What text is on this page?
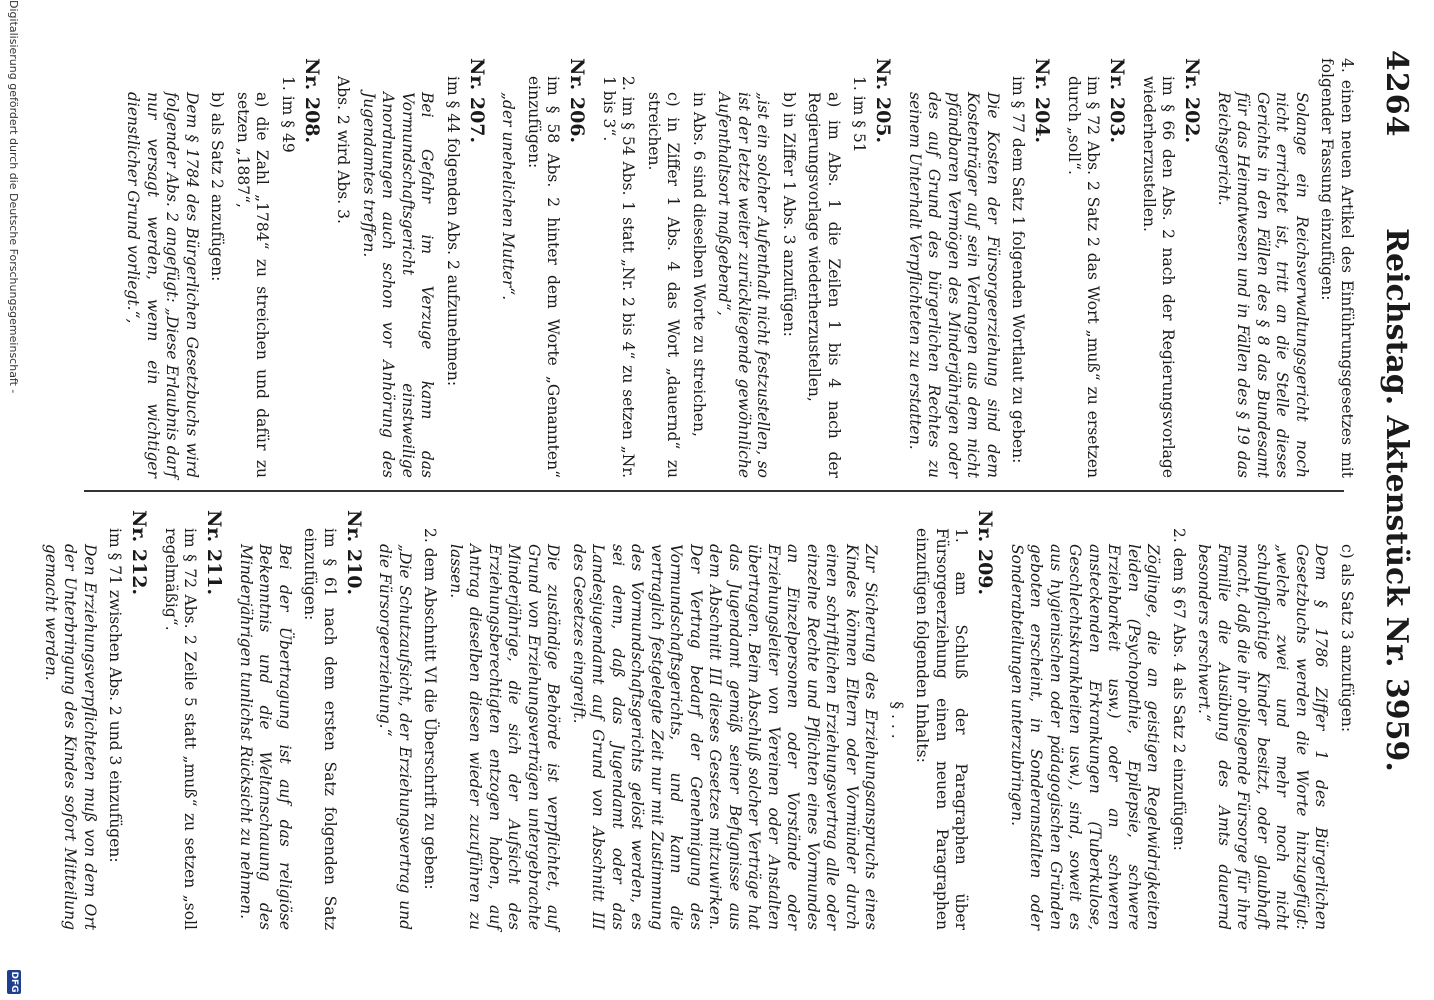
4264
Reichstag. Aktenstück Nr. 3959.

4. einen neuen Artikel des Einführungsgesetzes mit folgender Fassung einzufügen:

Solange ein Reichsverwaltungsgericht noch nicht errichtet ist, tritt an die Stelle dieses Gerichts in den Fällen des § 8 das Bundesamt für das Heimatwesen und in Fällen des § 19 das Reichsgericht.

Nr. 202.

im § 66 den Abs. 2 nach der Regierungsvorlage wiederherzustellen.

Nr. 203.

im § 72 Abs. 2 Satz 2 das Wort „muß“ zu ersetzen durch „soll“.

Nr. 204.

im § 77 dem Satz 1 folgenden Wortlaut zu geben:

Die Kosten der Fürsorgeerziehung sind dem Kostenträger auf sein Verlangen aus dem nicht pfändbaren Vermögen des Minderjährigen oder des auf Grund des bürgerlichen Rechtes zu seinem Unterhalt Verpflichteten zu erstatten.

Nr. 205.

1. im § 51

a) im Abs. 1 die Zeilen 1 bis 4 nach der Regierungsvorlage wiederherzustellen,

b) in Ziffer 1 Abs. 3 anzufügen:

„ist ein solcher Aufenthalt nicht festzustellen, so ist der letzte weiter zurückliegende gewöhnliche Aufenthaltsort maßgebend“,

in Abs. 6 sind dieselben Worte zu streichen,

c) in Ziffer 1 Abs. 4 das Wort „dauernd“ zu streichen.

2. im § 54 Abs. 1 statt „Nr. 2 bis 4“ zu setzen „Nr. 1 bis 3“.

Nr. 206.

im § 58 Abs. 2 hinter dem Worte „Genannten“ einzufügen:

„der unehelichen Mutter“.

Nr. 207.

im § 44 folgenden Abs. 2 aufzunehmen:

Bei Gefahr im Verzuge kann das Vormundschaftsgericht einstweilige Anordnungen auch schon vor Anhörung des Jugendamtes treffen.

Abs. 2 wird Abs. 3.

Nr. 208.

1. im § 49

a) die Zahl „1784“ zu streichen und dafür zu setzen „1887“,

b) als Satz 2 anzufügen:

Dem § 1784 des Bürgerlichen Gesetzbuchs wird folgender Abs. 2 angefügt: „Diese Erlaubnis darf nur versagt werden, wenn ein wichtiger dienstlicher Grund vorliegt.“,

c) als Satz 3 anzufügen:

Dem § 1786 Ziffer 1 des Bürgerlichen Gesetzbuchs werden die Worte hinzugefügt: „welche zwei und mehr noch nicht schulpflichtige Kinder besitzt, oder glaubhaft macht, daß die ihr obliegende Fürsorge für ihre Familie die Ausübung des Amts dauernd besonders erschwert.“

2. dem § 67 Abs. 4 als Satz 2 einzufügen:

Zöglinge, die an geistigen Regelwidrigkeiten leiden (Psychopathie, Epilepsie, schwere Erziehbarkeit usw.) oder an schweren ansteckenden Erkrankungen (Tuberkulose, Geschlechtskrankheiten usw.), sind, soweit es aus hygienischen oder pädagogischen Gründen geboten erscheint, in Sonderanstalten oder Sonderabteilungen unterzubringen.

Nr. 209.

1. am Schluß der Paragraphen über Fürsorgeerziehung einen neuen Paragraphen einzufügen folgenden Inhalts:

§ . . .

Zur Sicherung des Erziehungsanspruchs eines Kindes können Eltern oder Vormünder durch einen schriftlichen Erziehungsvertrag alle oder einzelne Rechte und Pflichten eines Vormundes an Einzelpersonen oder Vorstände oder Erziehungsleiter von Vereinen oder Anstalten übertragen. Beim Abschluß solcher Verträge hat das Jugendamt gemäß seiner Befugnisse aus dem Abschnitt III dieses Gesetzes mitzuwirken. Der Vertrag bedarf der Genehmigung des Vormundschaftsgerichts, und kann die vertraglich festgelegte Zeit nur mit Zustimmung des Vormundschaftsgerichts gelöst werden, es sei denn, daß das Jugendamt oder das Landesjugendamt auf Grund von Abschnitt III des Gesetzes eingreift.

Die zuständige Behörde ist verpflichtet, auf Grund von Erziehungsverträgen untergebrachte Minderjährige, die sich der Aufsicht des Erziehungsberechtigten entzogen haben, auf Antrag dieselben diesen wieder zuzuführen zu lassen.

2. dem Abschnitt VI die Überschrift zu geben:

„Die Schutzaufsicht, der Erziehungsvertrag und die Fürsorgeerziehung.“

Nr. 210.

im § 61 nach dem ersten Satz folgenden Satz einzufügen:

Bei der Übertragung ist auf das religiöse Bekenntnis und die Weltanschauung des Minderjährigen tunlichst Rücksicht zu nehmen.

Nr. 211.

im § 72 Abs. 2 Zeile 5 statt „muß“ zu setzen „soll regelmäßig“.

Nr. 212.

im § 71 zwischen Abs. 2 und 3 einzufügen:

Den Erziehungsverpflichteten muß von dem Ort der Unterbringung des Kindes sofort Mitteilung gemacht werden.

Digitalisierung gefördert durch die Deutsche Forschungsgemeinschaft -
DFG
